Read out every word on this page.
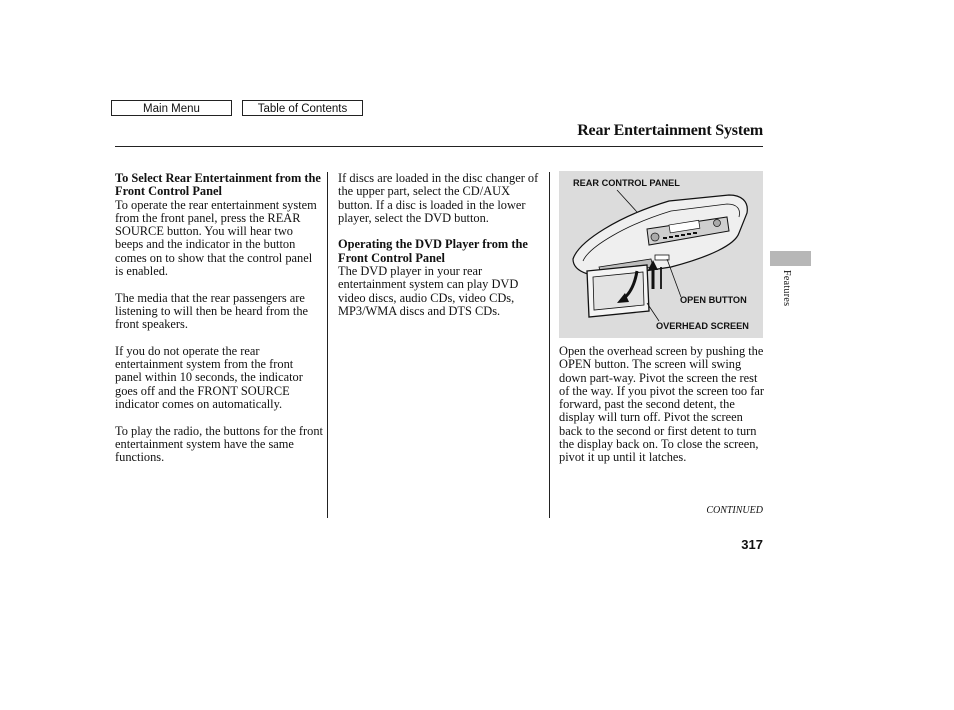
Main Menu	Table of Contents
Rear Entertainment System
To Select Rear Entertainment from the Front Control Panel

To operate the rear entertainment system from the front panel, press the REAR SOURCE button. You will hear two beeps and the indicator in the button comes on to show that the control panel is enabled.

The media that the rear passengers are listening to will then be heard from the front speakers.

If you do not operate the rear entertainment system from the front panel within 10 seconds, the indicator goes off and the FRONT SOURCE indicator comes on automatically.

To play the radio, the buttons for the front entertainment system have the same functions.

If discs are loaded in the disc changer of the upper part, select the CD/AUX button. If a disc is loaded in the lower player, select the DVD button.

Operating the DVD Player from the Front Control Panel

The DVD player in your rear entertainment system can play DVD video discs, audio CDs, video CDs, MP3/WMA discs and DTS CDs.

REAR CONTROL PANEL
OPEN BUTTON
OVERHEAD SCREEN

Open the overhead screen by pushing the OPEN button. The screen will swing down part-way. Pivot the screen the rest of the way. If you pivot the screen too far forward, past the second detent, the display will turn off. Pivot the screen back to the second or first detent to turn the display back on. To close the screen, pivot it up until it latches.

Features
CONTINUED
317
